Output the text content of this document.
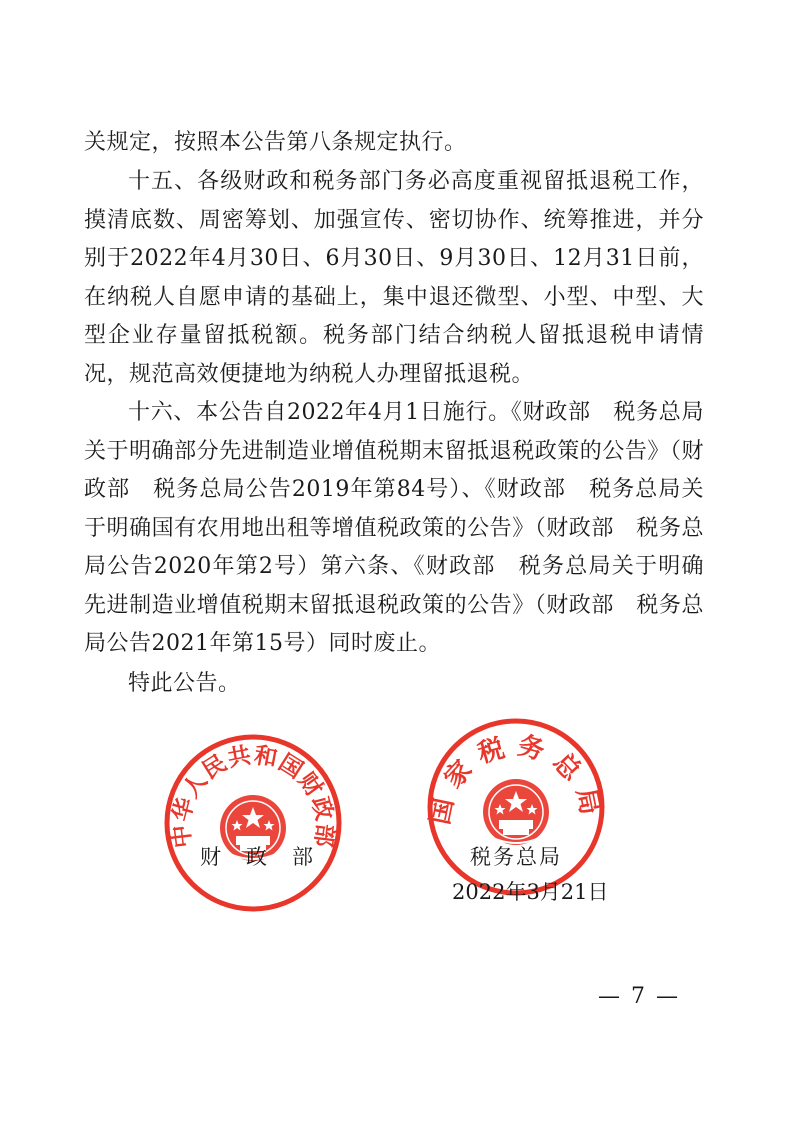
关规定，按照本公告第八条规定执行。

十五、各级财政和税务部门务必高度重视留抵退税工作，摸清底数、周密筹划、加强宣传、密切协作、统筹推进，并分别于2022年4月30日、6月30日、9月30日、12月31日前，在纳税人自愿申请的基础上，集中退还微型、小型、中型、大型企业存量留抵税额。税务部门结合纳税人留抵退税申请情况，规范高效便捷地为纳税人办理留抵退税。

十六、本公告自2022年4月1日施行。《财政部　税务总局关于明确部分先进制造业增值税期末留抵退税政策的公告》（财政部　税务总局公告2019年第84号）、《财政部　税务总局关于明确国有农用地出租等增值税政策的公告》（财政部　税务总局公告2020年第2号）第六条、《财政部　税务总局关于明确先进制造业增值税期末留抵退税政策的公告》（财政部　税务总局公告2021年第15号）同时废止。

特此公告。

中华人民共和国财政部
国家税务总局
财　政　部	税务总局
2022年3月21日
— 7 —
